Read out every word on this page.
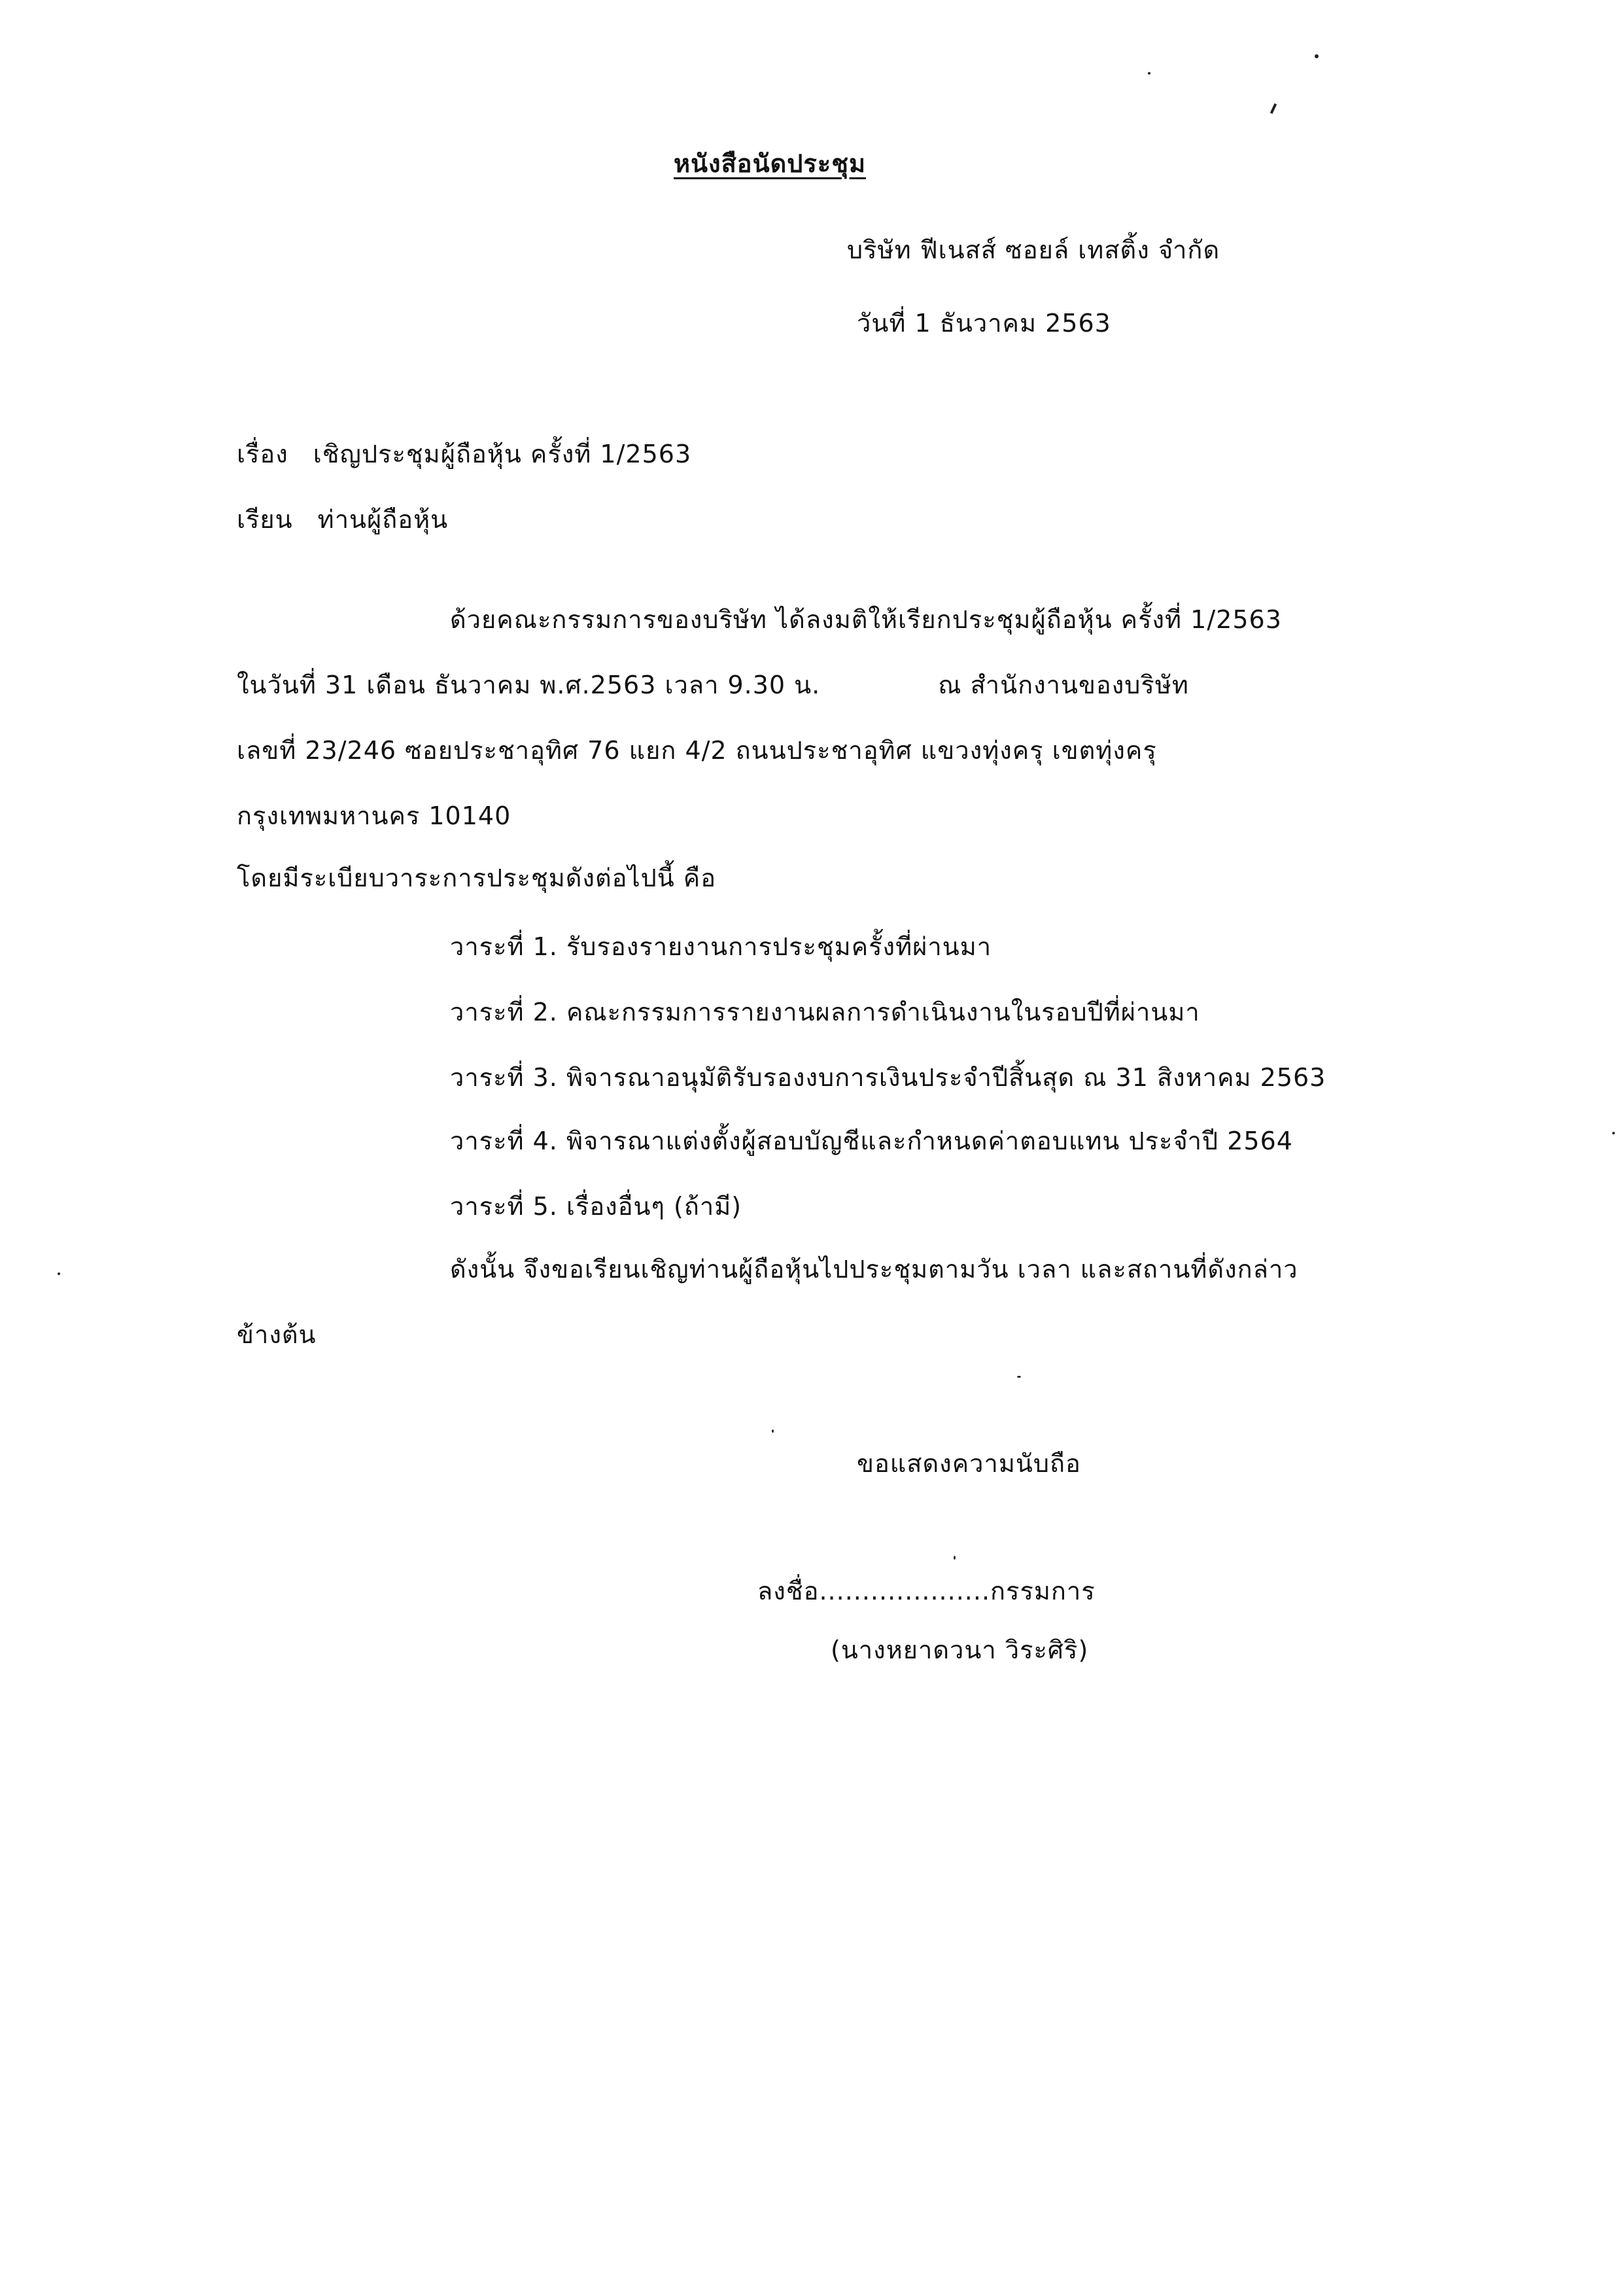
หนังสือนัดประชุม
บริษัท ฟีเนสส์ ซอยล์ เทสติ้ง จำกัด
วันที่ 1 ธันวาคม 2563
เรื่อง เชิญประชุมผู้ถือหุ้น ครั้งที่ 1/2563
เรียน ท่านผู้ถือหุ้น
ด้วยคณะกรรมการของบริษัท ได้ลงมติให้เรียกประชุมผู้ถือหุ้น ครั้งที่ 1/2563
ในวันที่ 31 เดือน ธันวาคม พ.ศ.2563 เวลา 9.30 น.	ณ สำนักงานของบริษัท
เลขที่ 23/246 ซอยประชาอุทิศ 76 แยก 4/2 ถนนประชาอุทิศ แขวงทุ่งครุ เขตทุ่งครุ
กรุงเทพมหานคร 10140
โดยมีระเบียบวาระการประชุมดังต่อไปนี้ คือ
วาระที่ 1. รับรองรายงานการประชุมครั้งที่ผ่านมา
วาระที่ 2. คณะกรรมการรายงานผลการดำเนินงานในรอบปีที่ผ่านมา
วาระที่ 3. พิจารณาอนุมัติรับรองงบการเงินประจำปีสิ้นสุด ณ 31 สิงหาคม 2563
วาระที่ 4. พิจารณาแต่งตั้งผู้สอบบัญชีและกำหนดค่าตอบแทน ประจำปี 2564
วาระที่ 5. เรื่องอื่นๆ (ถ้ามี)
ดังนั้น จึงขอเรียนเชิญท่านผู้ถือหุ้นไปประชุมตามวัน เวลา และสถานที่ดังกล่าว
ข้างต้น
ขอแสดงความนับถือ
ลงชื่อ....................กรรมการ
(นางหยาดวนา วิระศิริ)
